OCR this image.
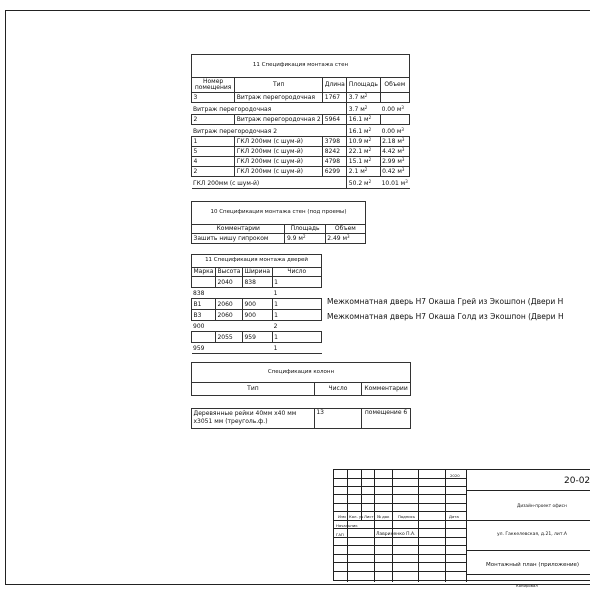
11 Спецификация монтажа стен				
Номер помещения	Тип	Длина	Площадь	Объем
3	Витраж перегородочная	1767	3.7 $м^2$	
Витраж перегородочная			3.7 $м^2$	0.00 $м^3$
2	Витраж перегородочная 2	5964	16.1 $м^2$	
Витраж перегородочная 2			16.1 $м^2$	0.00 $м^3$
1	ГКЛ 200мм (с шум-й)	3798	10.9 $м^2$	2.18 $м^3$
5	ГКЛ 200мм (с шум-й)	8242	22.1 $м^2$	4.42 $м^3$
4	ГКЛ 200мм (с шум-й)	4798	15.1 $м^2$	2.99 $м^3$
2	ГКЛ 200мм (с шум-й)	6299	2.1 $м^2$	0.42 $м^3$
ГКЛ 200мм (с шум-й)			50.2 $м^2$	10.01 $м^3$
10 Спецификация монтажа стен (под проемы)		
Комментарии	Площадь	Объем
Зашить нишу гипроком	9.9 $м^2$	2.49 $м^3$
11 Спецификация монтажа дверей			
Марка	Высота	Ширина	Число
	2040	838	1
838			1
В1	2060	900	1
В3	2060	900	1
900			2
	2055	959	1
959			1
Межкомнатная дверь Н7 Окаша Грей из Экошпон (Двери Н
Межкомнатная дверь Н7 Окаша Голд из Экошпон (Двери Н
Спецификация колонн		
Тип	Число	Комментарии

Деревянные рейки 40мм х40 мм
х3051 мм (треуголь.ф.)	13	помещение 6
2020
20-02
Дизайн-проект офисн
ул. Гаккелевская, д.21, лит.А
Монтажный план (приложение)
Изм Кол. уч Лист № док Подпись	Дата
Начальник
ГАП	Лавриненко П.А.
Копировал
